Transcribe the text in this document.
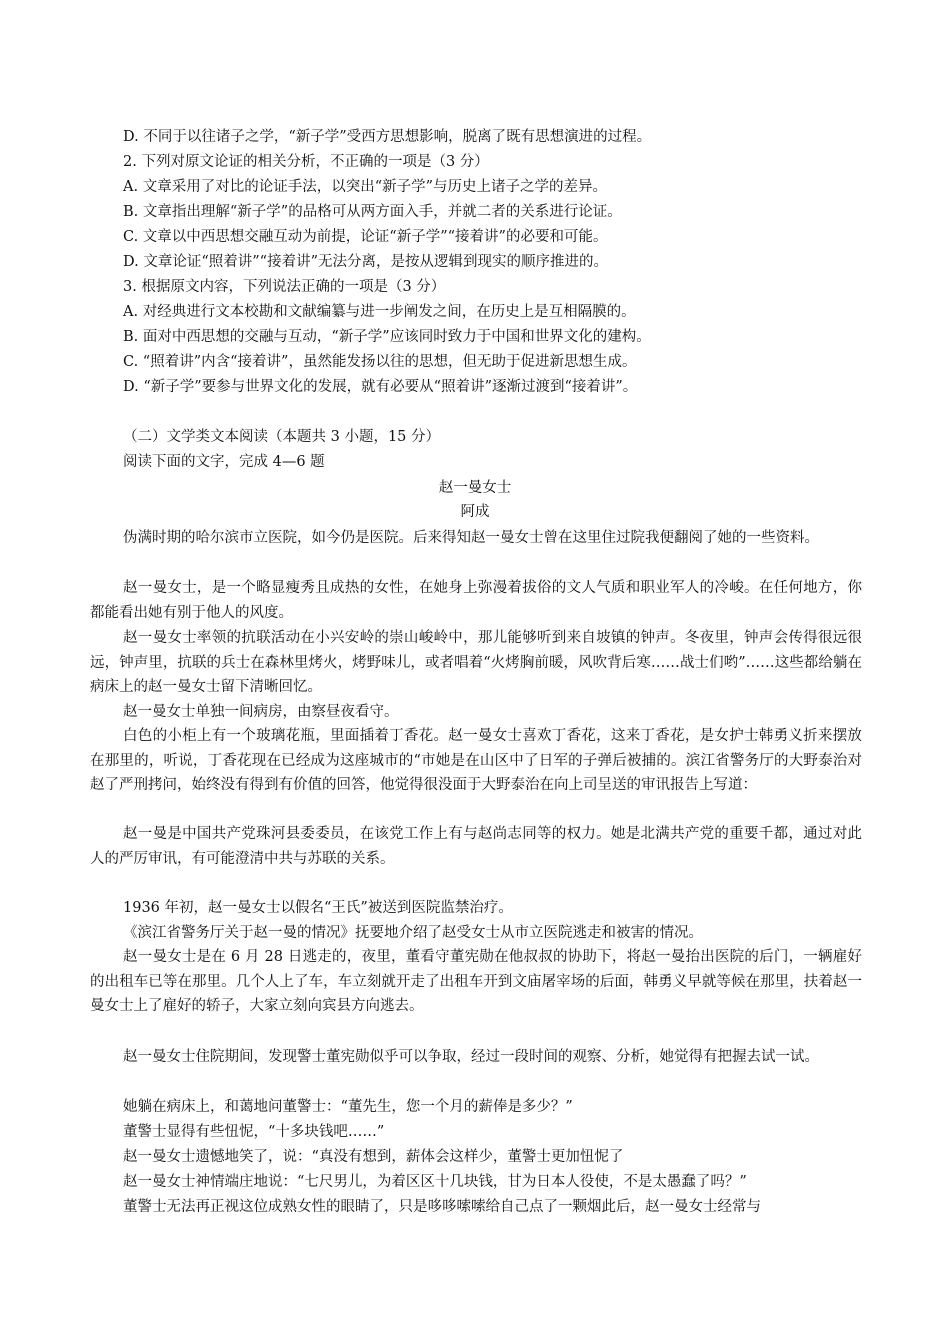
D. 不同于以往诸子之学，“新子学”受西方思想影响，脱离了既有思想演进的过程。
2. 下列对原文论证的相关分析，不正确的一项是（3 分）
A. 文章采用了对比的论证手法，以突出“新子学”与历史上诸子之学的差异。
B. 文章指出理解“新子学”的品格可从两方面入手，并就二者的关系进行论证。
C. 文章以中西思想交融互动为前提，论证“新子学”“接着讲”的必要和可能。
D. 文章论证“照着讲”“接着讲”无法分离，是按从逻辑到现实的顺序推进的。
3. 根据原文内容，下列说法正确的一项是（3 分）
A. 对经典进行文本校勘和文献编纂与进一步阐发之间，在历史上是互相隔膜的。
B. 面对中西思想的交融与互动，“新子学”应该同时致力于中国和世界文化的建构。
C. “照着讲”内含“接着讲”，虽然能发扬以往的思想，但无助于促进新思想生成。
D. “新子学”要参与世界文化的发展，就有必要从“照着讲”逐渐过渡到“接着讲”。
（二）文学类文本阅读（本题共 3 小题，15 分）
阅读下面的文字，完成 4—6 题
赵一曼女士
阿成
伪满时期的哈尔滨市立医院，如今仍是医院。后来得知赵一曼女士曾在这里住过院我便翻阅了她的一些资料。
赵一曼女士，是一个略显瘦秀且成热的女性，在她身上弥漫着拔俗的文人气质和职业军人的冷峻。在任何地方，你都能看出她有别于他人的风度。
赵一曼女士率领的抗联活动在小兴安岭的崇山峻岭中，那儿能够听到来自坡镇的钟声。冬夜里，钟声会传得很远很远，钟声里，抗联的兵士在森林里烤火，烤野味儿，或者唱着“火烤胸前暖，风吹背后寒……战士们哟”……这些都给躺在病床上的赵一曼女士留下清晰回忆。
赵一曼女士单独一间病房，由察昼夜看守。
白色的小柜上有一个玻璃花瓶，里面插着丁香花。赵一曼女士喜欢丁香花，这来丁香花，是女护士韩勇义折来摆放在那里的，听说，丁香花现在已经成为这座城市的“市她是在山区中了日军的子弹后被捕的。滨江省警务厅的大野泰治对赵了严刑拷问，始终没有得到有价值的回答，他觉得很没面于大野泰治在向上司呈送的审讯报告上写道：
赵一曼是中国共产党珠河县委委员，在该党工作上有与赵尚志同等的权力。她是北满共产党的重要千都，通过对此人的严厉审讯，有可能澄清中共与苏联的关系。
1936 年初，赵一曼女士以假名“王氏”被送到医院监禁治疗。
《滨江省警务厅关于赵一曼的情况》抚要地介绍了赵受女士从市立医院逃走和被害的情况。
赵一曼女士是在 6 月 28 日逃走的，夜里，董看守董宪勋在他叔叔的协助下，将赵一曼抬出医院的后门，一辆雇好的出租车已等在那里。几个人上了车，车立刻就开走了出租车开到文庙屠宰场的后面，韩勇义早就等候在那里，扶着赵一曼女士上了雇好的轿子，大家立刻向宾县方向逃去。
赵一曼女士住院期间，发现警士董宪勋似乎可以争取，经过一段时间的观察、分析，她觉得有把握去试一试。
她躺在病床上，和蔼地问董警士：“董先生，您一个月的薪俸是多少？”
董警士显得有些忸怩，“十多块钱吧……”
赵一曼女士遗憾地笑了，说：“真没有想到，薪体会这样少，董警士更加忸怩了
赵一曼女士神情端庄地说：“七尺男儿，为着区区十几块钱，甘为日本人役使，不是太愚蠢了吗？”
董警士无法再正视这位成熟女性的眼睛了，只是哆哆嗦嗦给自己点了一颗烟此后，赵一曼女士经常与
